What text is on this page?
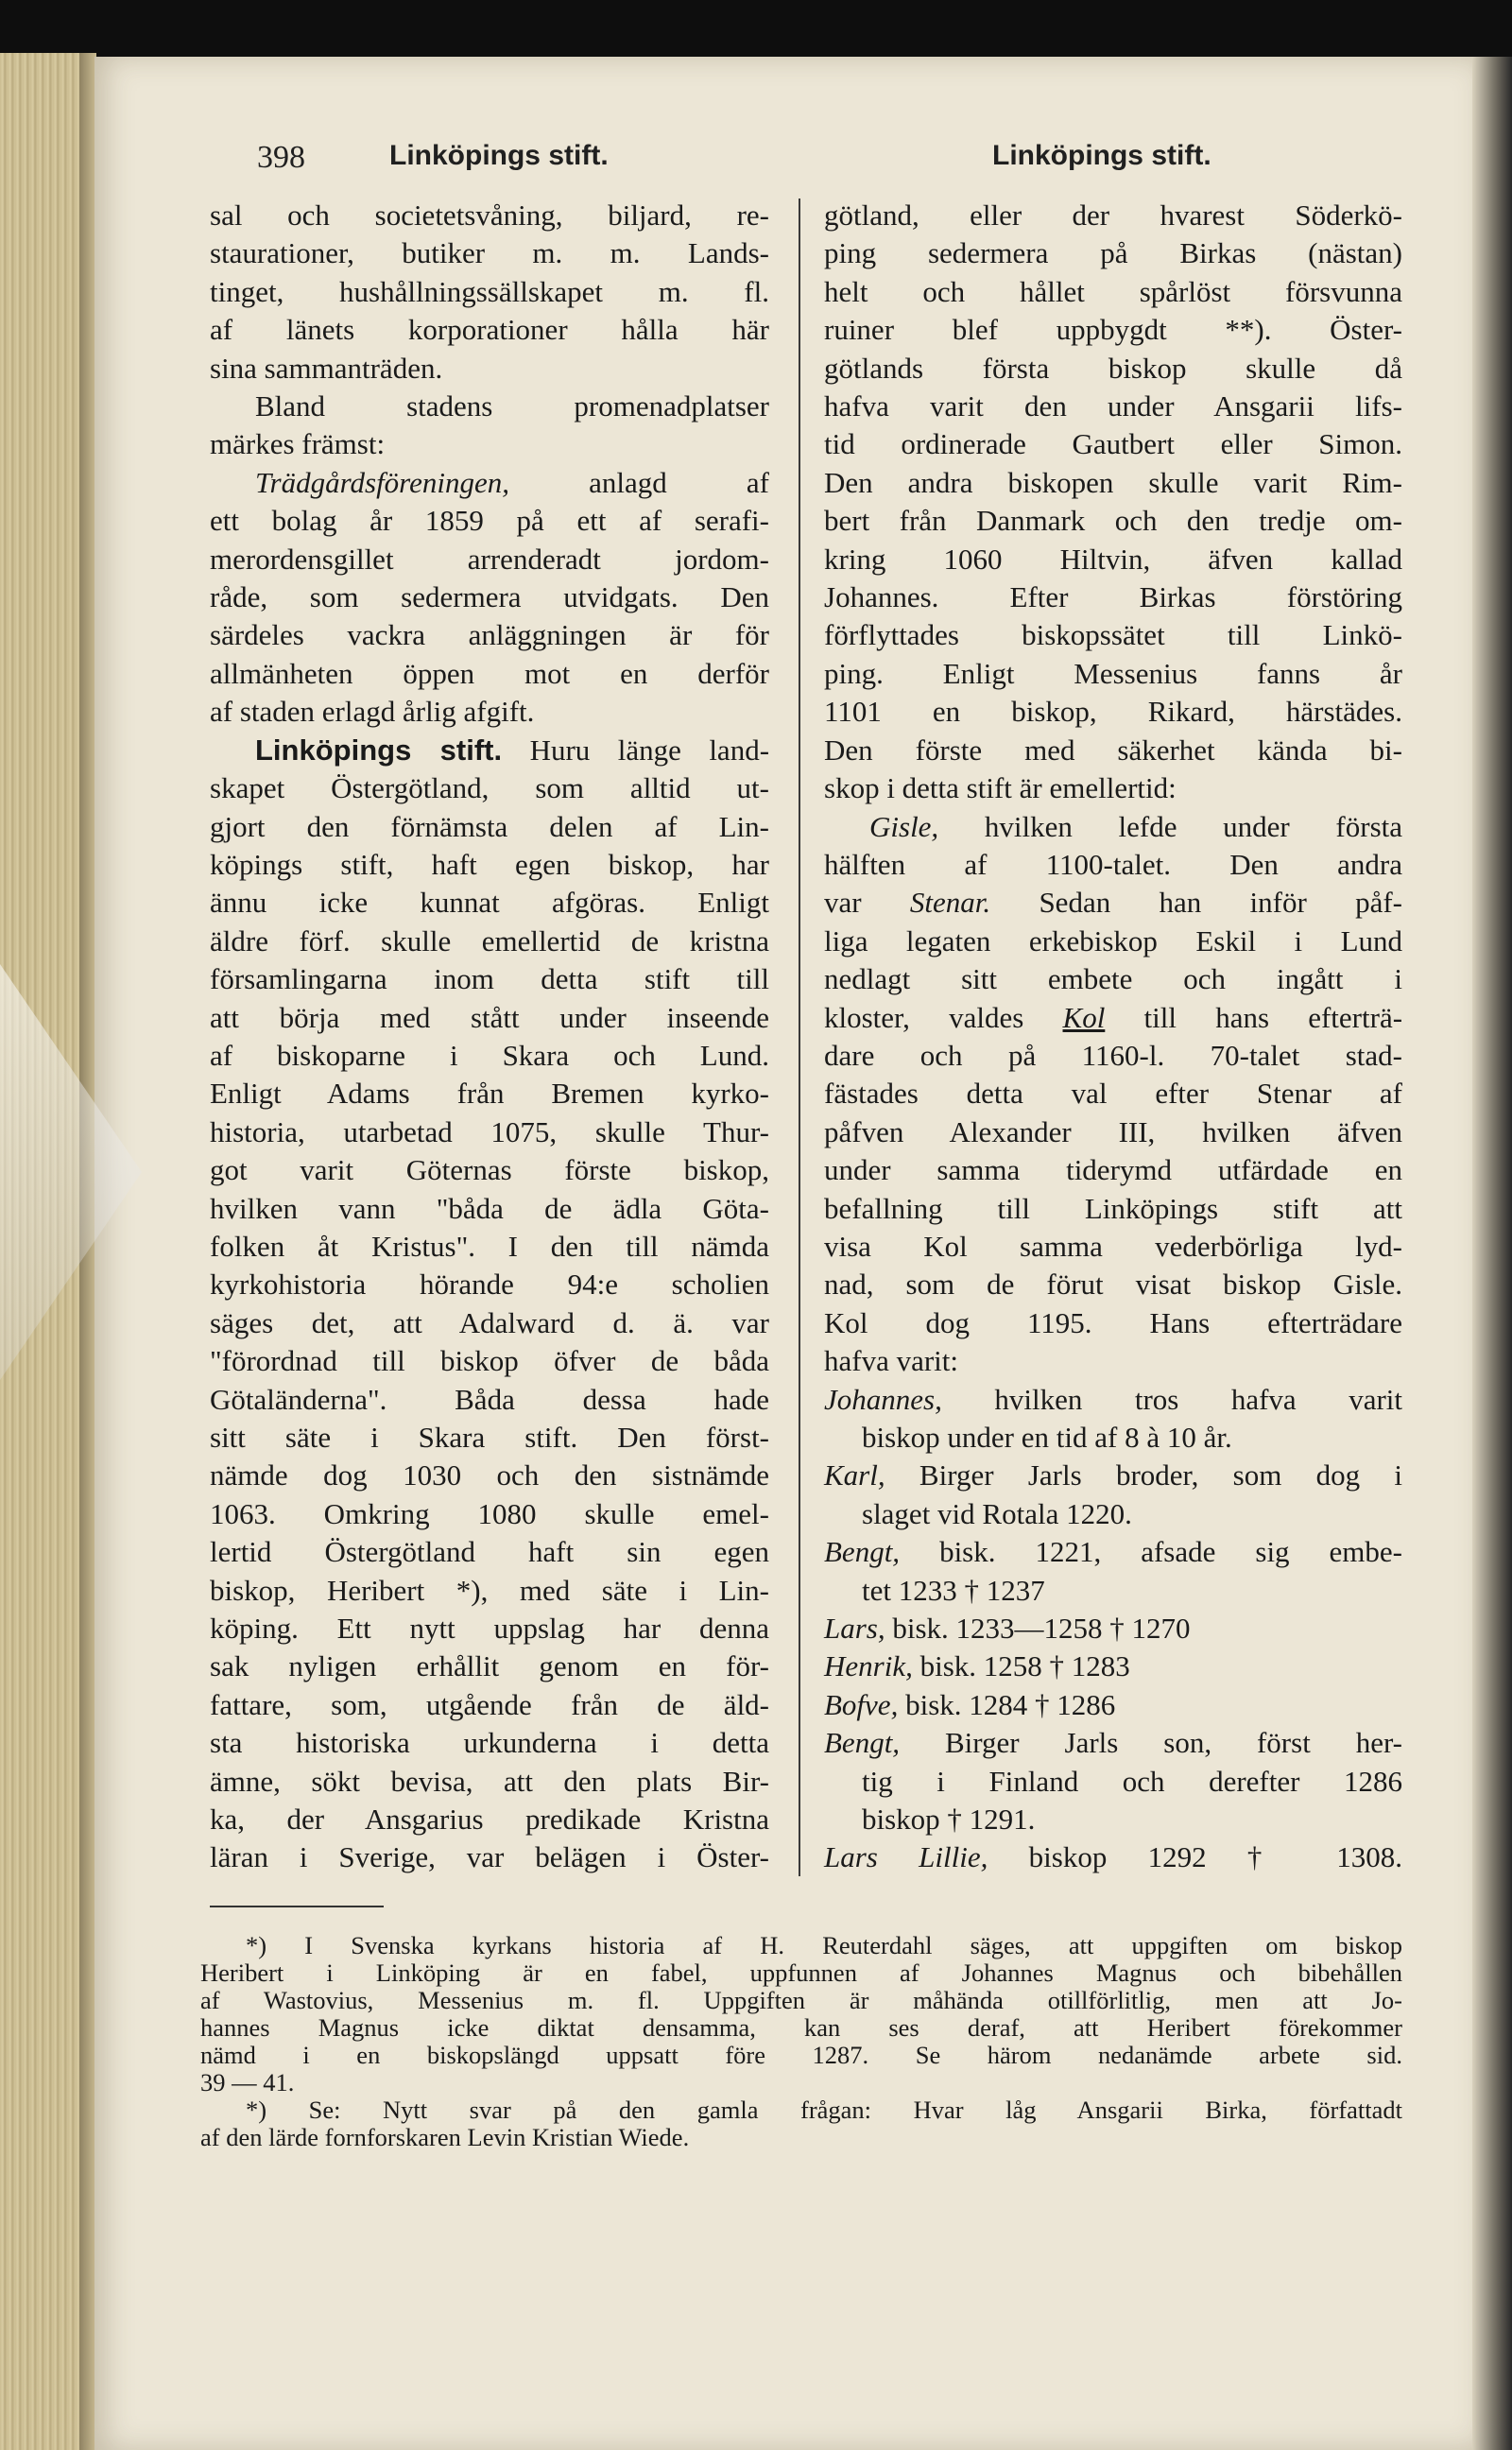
398	Linköpings stift.	Linköpings stift.
sal och societetsvåning, biljard, re-
staurationer, butiker m. m. Lands-
tinget, hushållningssällskapet m. fl.
af länets korporationer hålla här
sina sammanträden.
Bland stadens promenadplatser
märkes främst:
Trädgårdsföreningen,	anlagd af
ett bolag år 1859 på ett af serafi-
merordensgillet arrenderadt jordom-
råde, som sedermera utvidgats. Den
särdeles vackra anläggningen är för
allmänheten öppen mot en derför
af staden erlagd årlig afgift.
Linköpings stift. Huru länge land-
skapet Östergötland, som alltid ut-
gjort den förnämsta delen af Lin-
köpings stift, haft egen biskop, har
ännu icke kunnat afgöras. Enligt
äldre förf. skulle emellertid de kristna
församlingarna inom detta stift till
att börja med stått under inseende
af biskoparne i Skara och Lund.
Enligt Adams från Bremen kyrko-
historia, utarbetad 1075, skulle Thur-
got varit Göternas förste biskop,
hvilken vann "båda de ädla Göta-
folken åt Kristus". I den till nämda
kyrkohistoria hörande 94:e scholien
säges det, att Adalward d. ä. var
"förordnad till biskop öfver de båda
Götaländerna". Båda dessa hade
sitt säte i Skara stift. Den först-
nämde dog 1030 och den sistnämde
1063. Omkring 1080 skulle emel-
lertid Östergötland haft sin egen
biskop, Heribert *), med säte i Lin-
köping. Ett nytt uppslag har denna
sak nyligen erhållit genom en för-
fattare, som, utgående från de äld-
sta historiska urkunderna i detta
ämne, sökt bevisa, att den plats Bir-
ka, der Ansgarius predikade Kristna
läran i Sverige, var belägen i Öster-
götland, eller der hvarest Söderkö-
ping sedermera på Birkas (nästan)
helt och hållet spårlöst försvunna
ruiner blef uppbygdt **). Öster-
götlands första biskop skulle då
hafva varit den under Ansgarii lifs-
tid ordinerade Gautbert eller Simon.
Den andra biskopen skulle varit Rim-
bert från Danmark och den tredje om-
kring 1060 Hiltvin, äfven kallad
Johannes. Efter Birkas förstöring
förflyttades biskopssätet till Linkö-
ping. Enligt Messenius fanns år
1101 en biskop, Rikard, härstädes.
Den förste med säkerhet kända bi-
skop i detta stift är emellertid:
Gisle, hvilken lefde under första
hälften af 1100-talet. Den andra
var Stenar. Sedan han inför påf-
liga legaten erkebiskop Eskil i Lund
nedlagt sitt embete och ingått i
kloster, valdes Kol till hans efterträ-
dare och på 1160-l. 70-talet stad-
fästades detta val efter Stenar af
påfven Alexander III, hvilken äfven
under samma tiderymd utfärdade en
befallning till Linköpings stift att
visa Kol samma vederbörliga lyd-
nad, som de förut visat biskop Gisle.
Kol dog 1195. Hans efterträdare
hafva varit:
Johannes, hvilken tros hafva varit
biskop under en tid af 8 à 10 år.
Karl, Birger Jarls broder, som dog i
slaget vid Rotala 1220.
Bengt, bisk. 1221, afsade sig embe-
tet 1233 † 1237
Lars, bisk. 1233—1258 † 1270
Henrik, bisk. 1258 † 1283
Bofve, bisk. 1284 † 1286
Bengt, Birger Jarls son, först her-
tig i Finland och derefter 1286
biskop † 1291.
Lars Lillie, biskop 1292 † 1308.
*) I Svenska kyrkans historia af H. Reuterdahl säges, att uppgiften om biskop
Heribert i Linköping är en fabel, uppfunnen af Johannes Magnus och bibehållen
af Wastovius, Messenius m. fl. Uppgiften är måhända otillförlitlig, men att Jo-
hannes Magnus icke diktat densamma, kan ses deraf, att Heribert förekommer
nämd i en biskopslängd uppsatt före 1287. Se härom nedanämde arbete sid.
39 — 41.
*) Se: Nytt svar på den gamla frågan: Hvar låg Ansgarii Birka, författadt
af den lärde fornforskaren Levin Kristian Wiede.
